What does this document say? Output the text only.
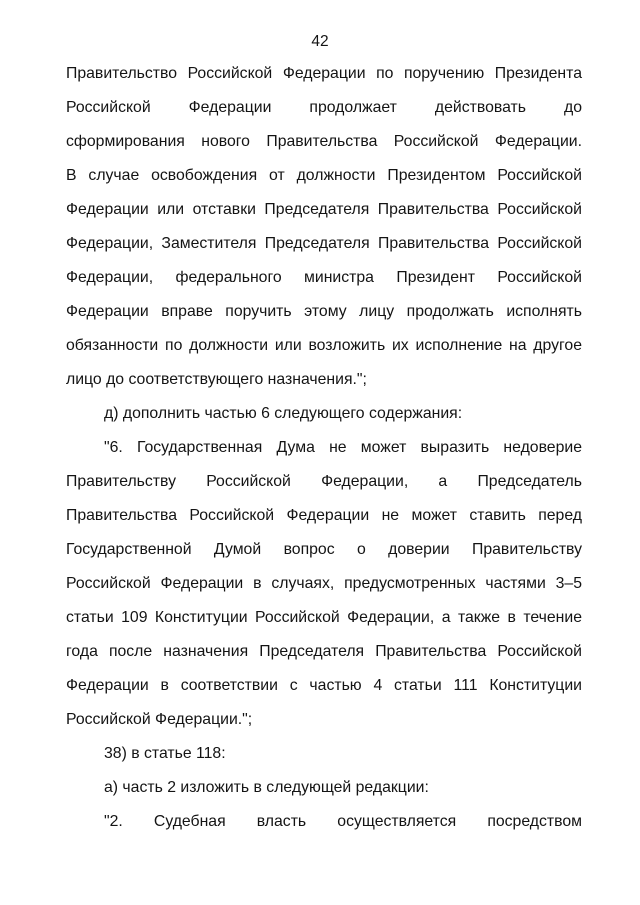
42
Правительство Российской Федерации по поручению Президента
Российской Федерации продолжает действовать до
сформирования нового Правительства Российской Федерации.
В случае освобождения от должности Президентом Российской
Федерации или отставки Председателя Правительства Российской
Федерации, Заместителя Председателя Правительства Российской
Федерации, федерального министра Президент Российской
Федерации вправе поручить этому лицу продолжать исполнять
обязанности по должности или возложить их исполнение на другое
лицо до соответствующего назначения.";
д) дополнить частью 6 следующего содержания:
"6. Государственная Дума не может выразить недоверие
Правительству Российской Федерации, а Председатель
Правительства Российской Федерации не может ставить перед
Государственной Думой вопрос о доверии Правительству
Российской Федерации в случаях, предусмотренных частями 3–5
статьи 109 Конституции Российской Федерации, а также в течение
года после назначения Председателя Правительства Российской
Федерации в соответствии с частью 4 статьи 111 Конституции
Российской Федерации.";
38) в статье 118:
а) часть 2 изложить в следующей редакции:
"2. Судебная власть осуществляется посредством
